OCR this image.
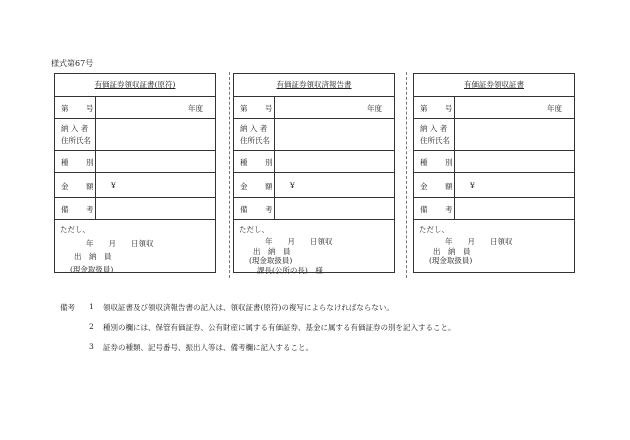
様式第67号
有価証券領収証書(原符)
第 号	年度
納 入 者
住所氏名
種 別
金 額 ¥
備 考
ただし、
年　　月　　日領収
出　納　員
(現金取扱員)
有価証券領収済報告書
第 号	年度
納 入 者
住所氏名
種 別
金 額 ¥
備 考
ただし、
年　　月　　日領収
出　納　員
(現金取扱員)
課長(公所の長)　様
有価証券領収証書
第 号	年度
納 入 者
住所氏名
種 別
金 額 ¥
備 考
ただし、
年　　月　　日領収
出　納　員
(現金取扱員)
備考 1 領収証書及び領収済報告書の記入は、領収証書(原符)の複写によらなければならない。
2 種別の欄には、保管有価証券、公有財産に属する有価証券、基金に属する有価証券の別を記入すること。
3 証券の種類、記号番号、振出人等は、備考欄に記入すること。
